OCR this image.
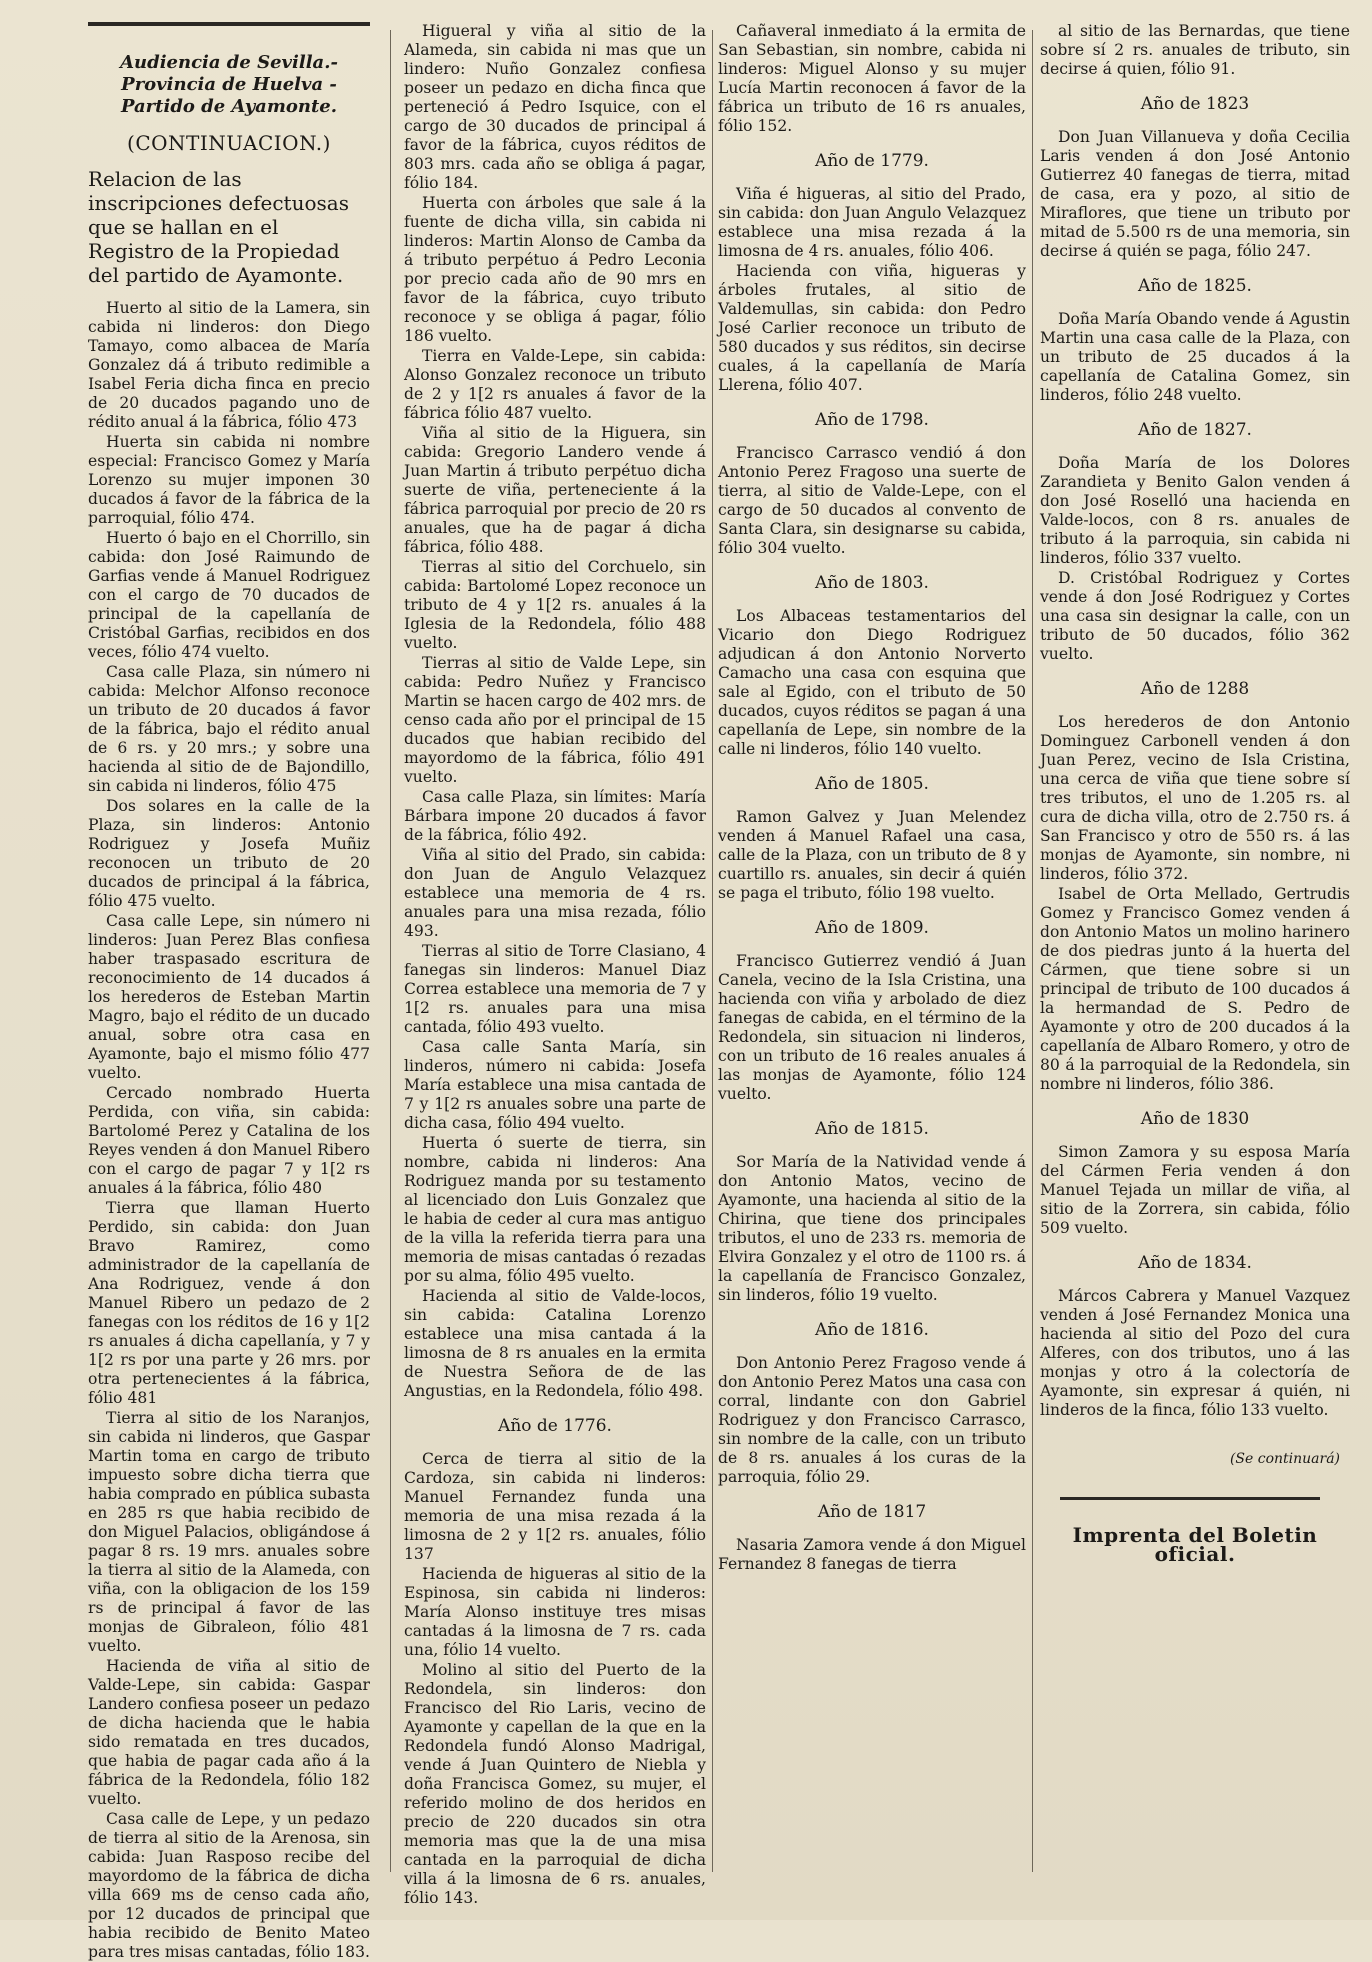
Audiencia de Sevilla.-Provincia de Huelva -Partido de Ayamonte.
(CONTINUACION.)
Relacion de las inscripciones defectuosas que se hallan en el Registro de la Propiedad del partido de Ayamonte.

Huerto al sitio de la Lamera, sin cabida ni linderos: don Diego Tamayo, como albacea de María Gonzalez dá á tributo redimible a Isabel Feria dicha finca en precio de 20 ducados pagando uno de rédito anual á la fábrica, fólio 473

Huerta sin cabida ni nombre especial: Francisco Gomez y María Lorenzo su mujer imponen 30 ducados á favor de la fábrica de la parroquial, fólio 474.

Huerto ó bajo en el Chorrillo, sin cabida: don José Raimundo de Garfias vende á Manuel Rodriguez con el cargo de 70 ducados de principal de la capellanía de Cristóbal Garfias, recibidos en dos veces, fólio 474 vuelto.

Casa calle Plaza, sin número ni cabida: Melchor Alfonso reconoce un tributo de 20 ducados á favor de la fábrica, bajo el rédito anual de 6 rs. y 20 mrs.; y sobre una hacienda al sitio de de Bajondillo, sin cabida ni linderos, fólio 475

Dos solares en la calle de la Plaza, sin linderos: Antonio Rodriguez y Josefa Muñiz reconocen un tributo de 20 ducados de principal á la fábrica, fólio 475 vuelto.

Casa calle Lepe, sin número ni linderos: Juan Perez Blas confiesa haber traspasado escritura de reconocimiento de 14 ducados á los herederos de Esteban Martin Magro, bajo el rédito de un ducado anual, sobre otra casa en Ayamonte, bajo el mismo fólio 477 vuelto.

Cercado nombrado Huerta Perdida, con viña, sin cabida: Bartolomé Perez y Catalina de los Reyes venden á don Manuel Ribero con el cargo de pagar 7 y 1[2 rs anuales á la fábrica, fólio 480

Tierra que llaman Huerto Perdido, sin cabida: don Juan Bravo Ramirez, como administrador de la capellanía de Ana Rodriguez, vende á don Manuel Ribero un pedazo de 2 fanegas con los réditos de 16 y 1[2 rs anuales á dicha capellanía, y 7 y 1[2 rs por una parte y 26 mrs. por otra pertenecientes á la fábrica, fólio 481

Tierra al sitio de los Naranjos, sin cabida ni linderos, que Gaspar Martin toma en cargo de tributo impuesto sobre dicha tierra que habia comprado en pública subasta en 285 rs que habia recibido de don Miguel Palacios, obligándose á pagar 8 rs. 19 mrs. anuales sobre la tierra al sitio de la Alameda, con viña, con la obligacion de los 159 rs de principal á favor de las monjas de Gibraleon, fólio 481 vuelto.

Hacienda de viña al sitio de Valde-Lepe, sin cabida: Gaspar Landero confiesa poseer un pedazo de dicha hacienda que le habia sido rematada en tres ducados, que habia de pagar cada año á la fábrica de la Redondela, fólio 182 vuelto.

Casa calle de Lepe, y un pedazo de tierra al sitio de la Arenosa, sin cabida: Juan Rasposo recibe del mayordomo de la fábrica de dicha villa 669 ms de censo cada año, por 12 ducados de principal que habia recibido de Benito Mateo para tres misas cantadas, fólio 183.

Higueral y viña al sitio de la Alameda, sin cabida ni mas que un lindero: Nuño Gonzalez confiesa poseer un pedazo en dicha finca que perteneció á Pedro Isquice, con el cargo de 30 ducados de principal á favor de la fábrica, cuyos réditos de 803 mrs. cada año se obliga á pagar, fólio 184.

Huerta con árboles que sale á la fuente de dicha villa, sin cabida ni linderos: Martin Alonso de Camba da á tributo perpétuo á Pedro Leconia por precio cada año de 90 mrs en favor de la fábrica, cuyo tributo reconoce y se obliga á pagar, fólio 186 vuelto.

Tierra en Valde-Lepe, sin cabida: Alonso Gonzalez reconoce un tributo de 2 y 1[2 rs anuales á favor de la fábrica fólio 487 vuelto.

Viña al sitio de la Higuera, sin cabida: Gregorio Landero vende á Juan Martin á tributo perpétuo dicha suerte de viña, perteneciente á la fábrica parroquial por precio de 20 rs anuales, que ha de pagar á dicha fábrica, fólio 488.

Tierras al sitio del Corchuelo, sin cabida: Bartolomé Lopez reconoce un tributo de 4 y 1[2 rs. anuales á la Iglesia de la Redondela, fólio 488 vuelto.

Tierras al sitio de Valde Lepe, sin cabida: Pedro Nuñez y Francisco Martin se hacen cargo de 402 mrs. de censo cada año por el principal de 15 ducados que habian recibido del mayordomo de la fábrica, fólio 491 vuelto.

Casa calle Plaza, sin límites: María Bárbara impone 20 ducados á favor de la fábrica, fólio 492.

Viña al sitio del Prado, sin cabida: don Juan de Angulo Velazquez establece una memoria de 4 rs. anuales para una misa rezada, fólio 493.

Tierras al sitio de Torre Clasiano, 4 fanegas sin linderos: Manuel Diaz Correa establece una memoria de 7 y 1[2 rs. anuales para una misa cantada, fólio 493 vuelto.

Casa calle Santa María, sin linderos, número ni cabida: Josefa María establece una misa cantada de 7 y 1[2 rs anuales sobre una parte de dicha casa, fólio 494 vuelto.

Huerta ó suerte de tierra, sin nombre, cabida ni linderos: Ana Rodriguez manda por su testamento al licenciado don Luis Gonzalez que le habia de ceder al cura mas antiguo de la villa la referida tierra para una memoria de misas cantadas ó rezadas por su alma, fólio 495 vuelto.

Hacienda al sitio de Valde-locos, sin cabida: Catalina Lorenzo establece una misa cantada á la limosna de 8 rs anuales en la ermita de Nuestra Señora de de las Angustias, en la Redondela, fólio 498.

Año de 1776.

Cerca de tierra al sitio de la Cardoza, sin cabida ni linderos: Manuel Fernandez funda una memoria de una misa rezada á la limosna de 2 y 1[2 rs. anuales, fólio 137

Hacienda de higueras al sitio de la Espinosa, sin cabida ni linderos: María Alonso instituye tres misas cantadas á la limosna de 7 rs. cada una, fólio 14 vuelto.

Molino al sitio del Puerto de la Redondela, sin linderos: don Francisco del Rio Laris, vecino de Ayamonte y capellan de la que en la Redondela fundó Alonso Madrigal, vende á Juan Quintero de Niebla y doña Francisca Gomez, su mujer, el referido molino de dos heridos en precio de 220 ducados sin otra memoria mas que la de una misa cantada en la parroquial de dicha villa á la limosna de 6 rs. anuales, fólio 143.

Cañaveral inmediato á la ermita de San Sebastian, sin nombre, cabida ni linderos: Miguel Alonso y su mujer Lucía Martin reconocen á favor de la fábrica un tributo de 16 rs anuales, fólio 152.

Año de 1779.

Viña é higueras, al sitio del Prado, sin cabida: don Juan Angulo Velazquez establece una misa rezada á la limosna de 4 rs. anuales, fólio 406.

Hacienda con viña, higueras y árboles frutales, al sitio de Valdemullas, sin cabida: don Pedro José Carlier reconoce un tributo de 580 ducados y sus réditos, sin decirse cuales, á la capellanía de María Llerena, fólio 407.

Año de 1798.

Francisco Carrasco vendió á don Antonio Perez Fragoso una suerte de tierra, al sitio de Valde-Lepe, con el cargo de 50 ducados al convento de Santa Clara, sin designarse su cabida, fólio 304 vuelto.

Año de 1803.

Los Albaceas testamentarios del Vicario don Diego Rodriguez adjudican á don Antonio Norverto Camacho una casa con esquina que sale al Egido, con el tributo de 50 ducados, cuyos réditos se pagan á una capellanía de Lepe, sin nombre de la calle ni linderos, fólio 140 vuelto.

Año de 1805.

Ramon Galvez y Juan Melendez venden á Manuel Rafael una casa, calle de la Plaza, con un tributo de 8 y cuartillo rs. anuales, sin decir á quién se paga el tributo, fólio 198 vuelto.

Año de 1809.

Francisco Gutierrez vendió á Juan Canela, vecino de la Isla Cristina, una hacienda con viña y arbolado de diez fanegas de cabida, en el término de la Redondela, sin situacion ni linderos, con un tributo de 16 reales anuales á las monjas de Ayamonte, fólio 124 vuelto.

Año de 1815.

Sor María de la Natividad vende á don Antonio Matos, vecino de Ayamonte, una hacienda al sitio de la Chirina, que tiene dos principales tributos, el uno de 233 rs. memoria de Elvira Gonzalez y el otro de 1100 rs. á la capellanía de Francisco Gonzalez, sin linderos, fólio 19 vuelto.

Año de 1816.

Don Antonio Perez Fragoso vende á don Antonio Perez Matos una casa con corral, lindante con don Gabriel Rodriguez y don Francisco Carrasco, sin nombre de la calle, con un tributo de 8 rs. anuales á los curas de la parroquia, fólio 29.

Año de 1817

Nasaria Zamora vende á don Miguel Fernandez 8 fanegas de tierra

al sitio de las Bernardas, que tiene sobre sí 2 rs. anuales de tributo, sin decirse á quien, fólio 91.

Año de 1823

Don Juan Villanueva y doña Cecilia Laris venden á don José Antonio Gutierrez 40 fanegas de tierra, mitad de casa, era y pozo, al sitio de Miraflores, que tiene un tributo por mitad de 5.500 rs de una memoria, sin decirse á quién se paga, fólio 247.

Año de 1825.

Doña María Obando vende á Agustin Martin una casa calle de la Plaza, con un tributo de 25 ducados á la capellanía de Catalina Gomez, sin linderos, fólio 248 vuelto.

Año de 1827.

Doña María de los Dolores Zarandieta y Benito Galon venden á don José Roselló una hacienda en Valde-locos, con 8 rs. anuales de tributo á la parroquia, sin cabida ni linderos, fólio 337 vuelto.

D. Cristóbal Rodriguez y Cortes vende á don José Rodriguez y Cortes una casa sin designar la calle, con un tributo de 50 ducados, fólio 362 vuelto.

Año de 1288

Los herederos de don Antonio Dominguez Carbonell venden á don Juan Perez, vecino de Isla Cristina, una cerca de viña que tiene sobre sí tres tributos, el uno de 1.205 rs. al cura de dicha villa, otro de 2.750 rs. á San Francisco y otro de 550 rs. á las monjas de Ayamonte, sin nombre, ni linderos, fólio 372.

Isabel de Orta Mellado, Gertrudis Gomez y Francisco Gomez venden á don Antonio Matos un molino harinero de dos piedras junto á la huerta del Cármen, que tiene sobre si un principal de tributo de 100 ducados á la hermandad de S. Pedro de Ayamonte y otro de 200 ducados á la capellanía de Albaro Romero, y otro de 80 á la parroquial de la Redondela, sin nombre ni linderos, fólio 386.

Año de 1830

Simon Zamora y su esposa María del Cármen Feria venden á don Manuel Tejada un millar de viña, al sitio de la Zorrera, sin cabida, fólio 509 vuelto.

Año de 1834.

Márcos Cabrera y Manuel Vazquez venden á José Fernandez Monica una hacienda al sitio del Pozo del cura Alferes, con dos tributos, uno á las monjas y otro á la colectoría de Ayamonte, sin expresar á quién, ni linderos de la finca, fólio 133 vuelto.

(Se continuará)
Imprenta del Boletin oficial.
